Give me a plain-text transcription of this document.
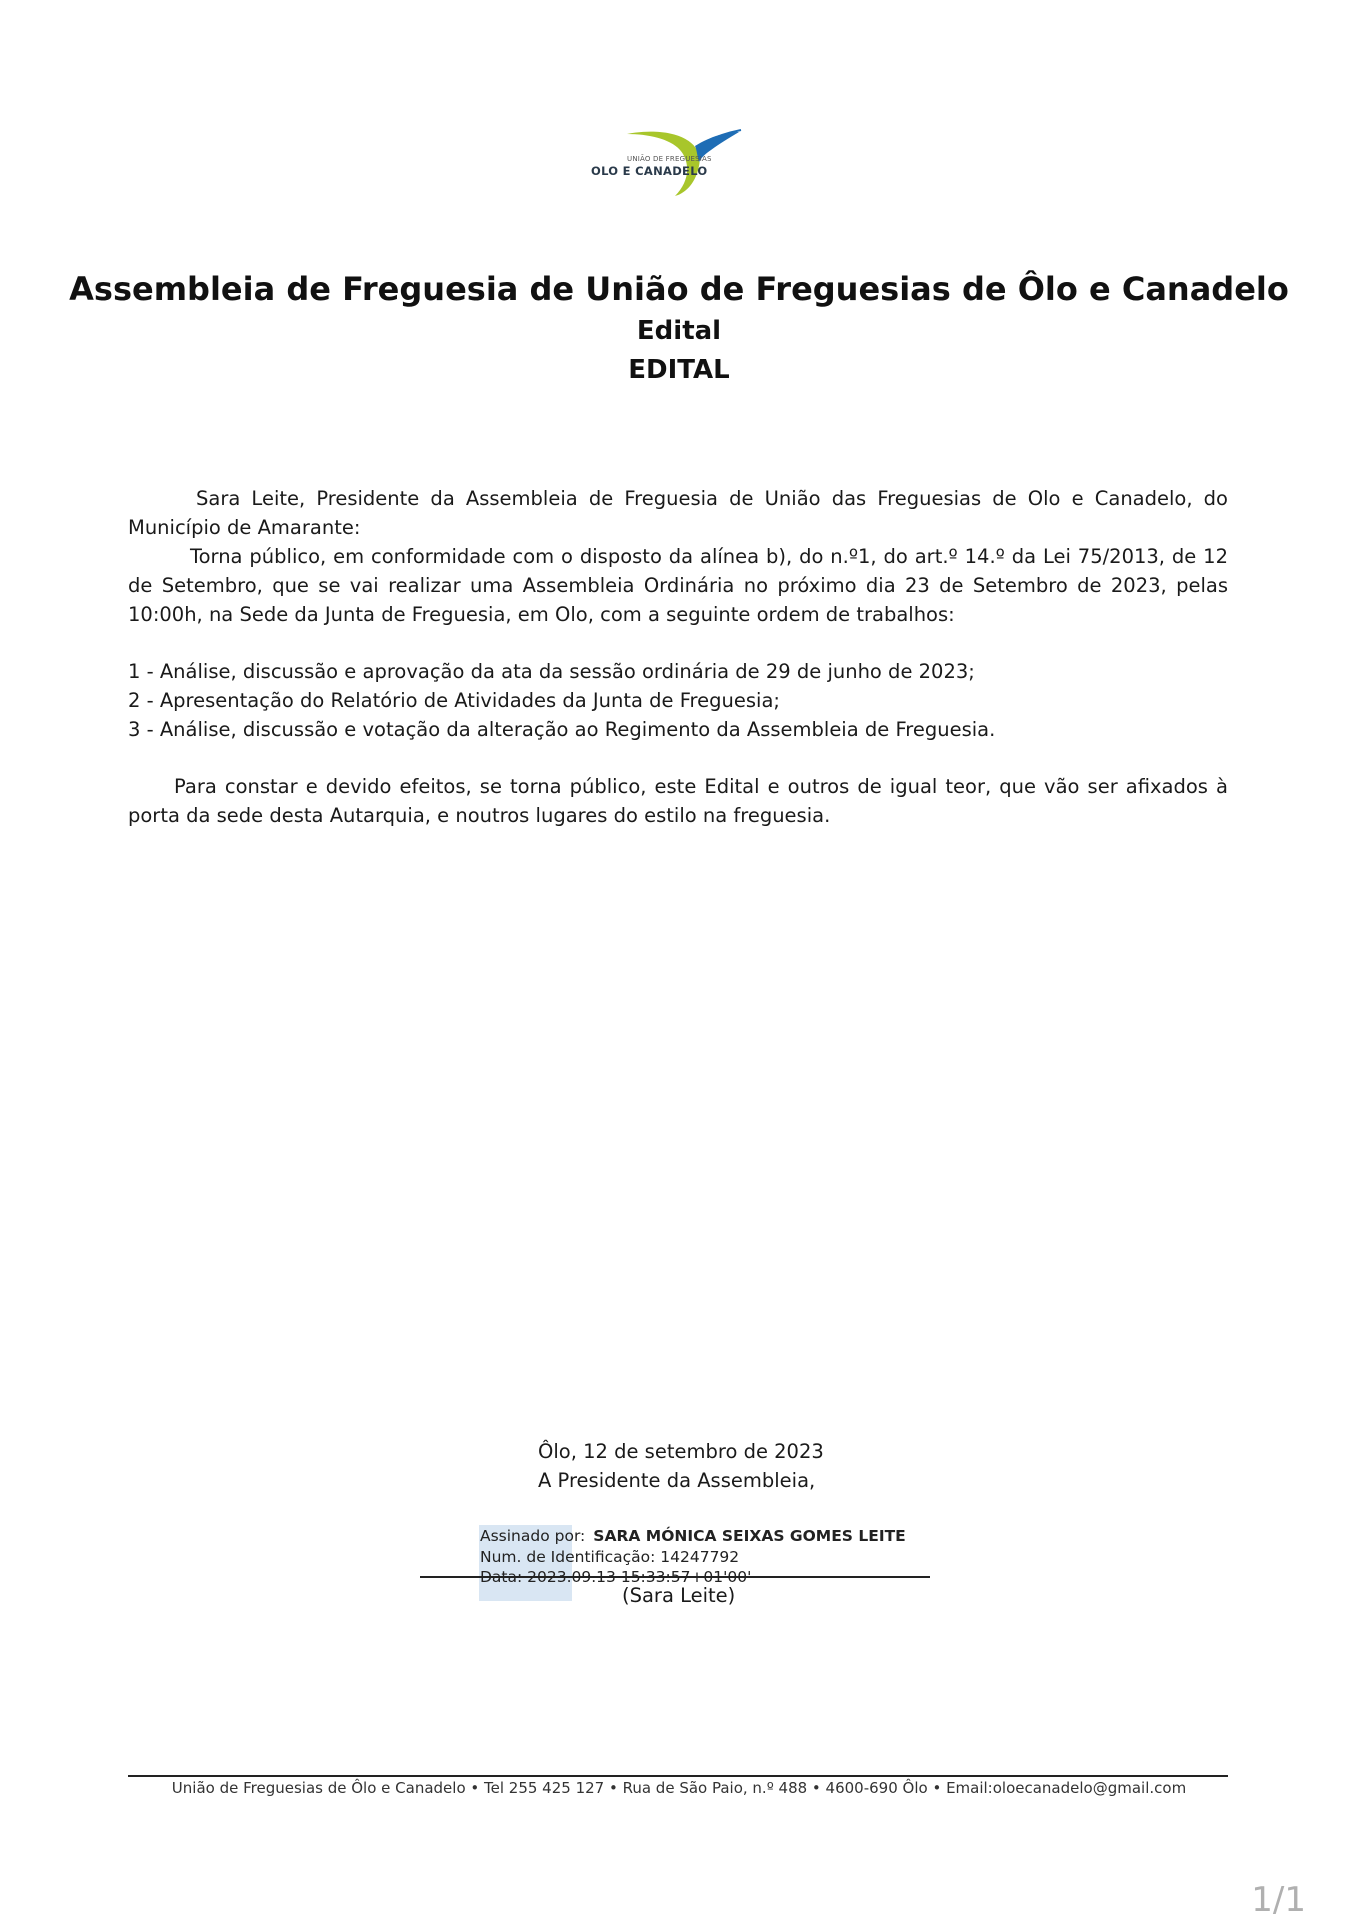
UNIÃO DE FREGUESIAS
OLO E CANADELO
Assembleia de Freguesia de União de Freguesias de Ôlo e Canadelo
Edital
EDITAL
Sara Leite, Presidente da Assembleia de Freguesia de União das Freguesias de Olo e Canadelo, do Município de Amarante:
Torna público, em conformidade com o disposto da alínea b), do n.º1, do art.º 14.º da Lei 75/2013, de 12 de Setembro, que se vai realizar uma Assembleia Ordinária no próximo dia 23 de Setembro de 2023, pelas 10:00h, na Sede da Junta de Freguesia, em Olo, com a seguinte ordem de trabalhos:
1 - Análise, discussão e aprovação da ata da sessão ordinária de 29 de junho de 2023;
2 - Apresentação do Relatório de Atividades da Junta de Freguesia;
3 - Análise, discussão e votação da alteração ao Regimento da Assembleia de Freguesia.
Para constar e devido efeitos, se torna público, este Edital e outros de igual teor, que vão ser afixados à porta da sede desta Autarquia, e noutros lugares do estilo na freguesia.
Ôlo, 12 de setembro de 2023
A Presidente da Assembleia,
Assinado por: SARA MÓNICA SEIXAS GOMES LEITE
Num. de Identificação: 14247792
Data: 2023.09.13 15:33:57+01'00'
(Sara Leite)
União de Freguesias de Ôlo e Canadelo • Tel 255 425 127 • Rua de São Paio, n.º 488 • 4600-690 Ôlo • Email:oloecanadelo@gmail.com
1/1
